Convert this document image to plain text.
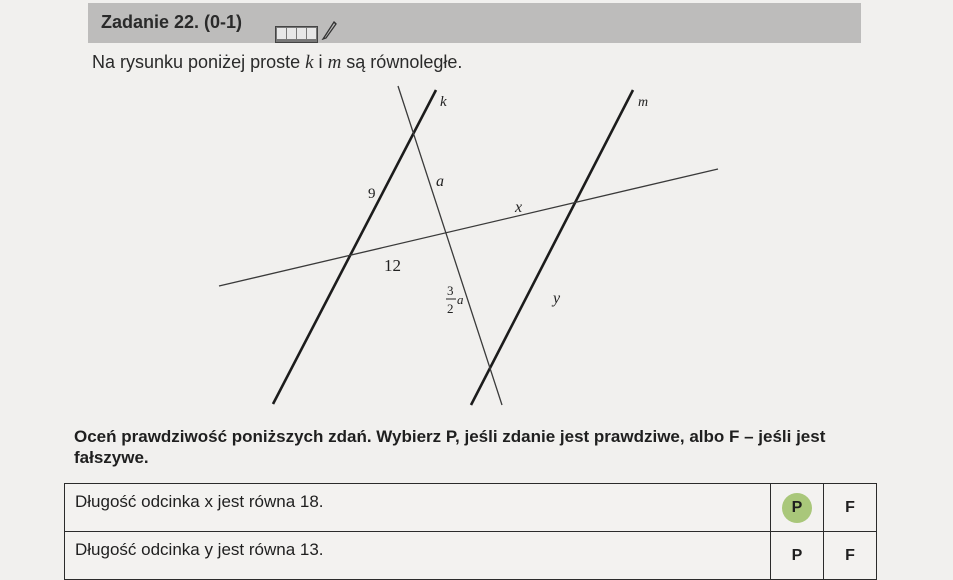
Zadanie 22. (0-1)
Na rysunku poniżej proste k i m są równoległe.
k	m
a
9
x
12
3
2
a	y
Oceń prawdziwość poniższych zdań. Wybierz P, jeśli zdanie jest prawdziwe, albo F – jeśli jest fałszywe.
Długość odcinka x jest równa 18.	P	F
Długość odcinka y jest równa 13.	P	F
